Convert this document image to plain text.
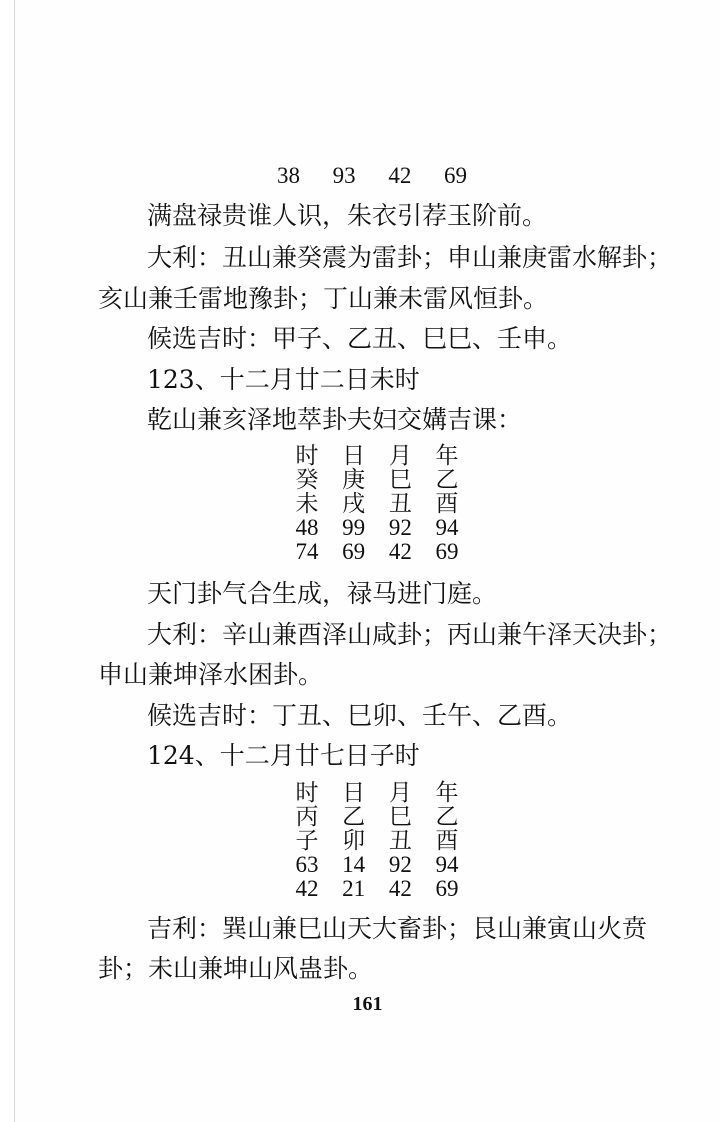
38 93 42 69
满盘禄贵谁人识，朱衣引荐玉阶前。
大利：丑山兼癸震为雷卦；申山兼庚雷水解卦；
亥山兼壬雷地豫卦；丁山兼未雷风恒卦。
候选吉时：甲子、乙丑、巳巳、壬申。
123、十二月廿二日未时
乾山兼亥泽地萃卦夫妇交媾吉课：
时	日	月	年
癸	庚	巳	乙
未	戌	丑	酉
48	99	92	94
74	69	42	69
天门卦气合生成，禄马进门庭。
大利：辛山兼酉泽山咸卦；丙山兼午泽天决卦；
申山兼坤泽水困卦。
候选吉时：丁丑、巳卯、壬午、乙酉。
124、十二月廿七日子时
时	日	月	年
丙	乙	巳	乙
子	卯	丑	酉
63	14	92	94
42	21	42	69
吉利：巽山兼巳山天大畜卦；艮山兼寅山火贲
卦；未山兼坤山风蛊卦。
161
